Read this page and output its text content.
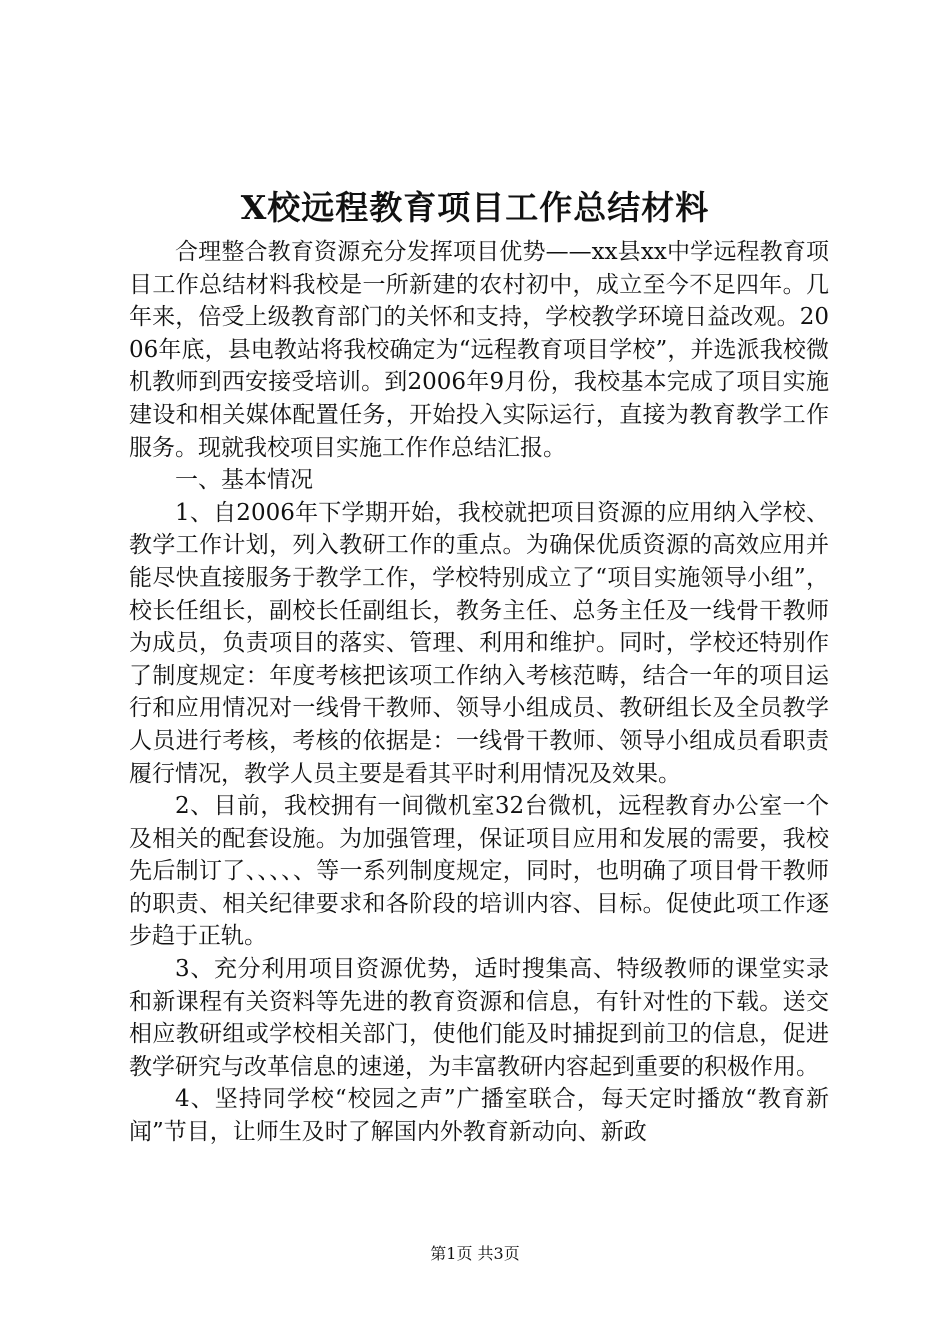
X校远程教育项目工作总结材料

合理整合教育资源充分发挥项目优势——xx县xx中学远程教育项目工作总结材料我校是一所新建的农村初中，成立至今不足四年。几年来，倍受上级教育部门的关怀和支持，学校教学环境日益改观。2006年底，县电教站将我校确定为“远程教育项目学校”，并选派我校微机教师到西安接受培训。到2006年9月份，我校基本完成了项目实施建设和相关媒体配置任务，开始投入实际运行，直接为教育教学工作服务。现就我校项目实施工作作总结汇报。

一、基本情况

1、自2006年下学期开始，我校就把项目资源的应用纳入学校、教学工作计划，列入教研工作的重点。为确保优质资源的高效应用并能尽快直接服务于教学工作，学校特别成立了“项目实施领导小组”，校长任组长，副校长任副组长，教务主任、总务主任及一线骨干教师为成员，负责项目的落实、管理、利用和维护。同时，学校还特别作了制度规定：年度考核把该项工作纳入考核范畴，结合一年的项目运行和应用情况对一线骨干教师、领导小组成员、教研组长及全员教学人员进行考核，考核的依据是：一线骨干教师、领导小组成员看职责履行情况，教学人员主要是看其平时利用情况及效果。

2、目前，我校拥有一间微机室32台微机，远程教育办公室一个及相关的配套设施。为加强管理，保证项目应用和发展的需要，我校先后制订了、、、、、等一系列制度规定，同时，也明确了项目骨干教师的职责、相关纪律要求和各阶段的培训内容、目标。促使此项工作逐步趋于正轨。

3、充分利用项目资源优势，适时搜集高、特级教师的课堂实录和新课程有关资料等先进的教育资源和信息，有针对性的下载。送交相应教研组或学校相关部门，使他们能及时捕捉到前卫的信息，促进教学研究与改革信息的速递，为丰富教研内容起到重要的积极作用。

4、坚持同学校“校园之声”广播室联合，每天定时播放“教育新闻”节目，让师生及时了解国内外教育新动向、新政

第1页 共3页
